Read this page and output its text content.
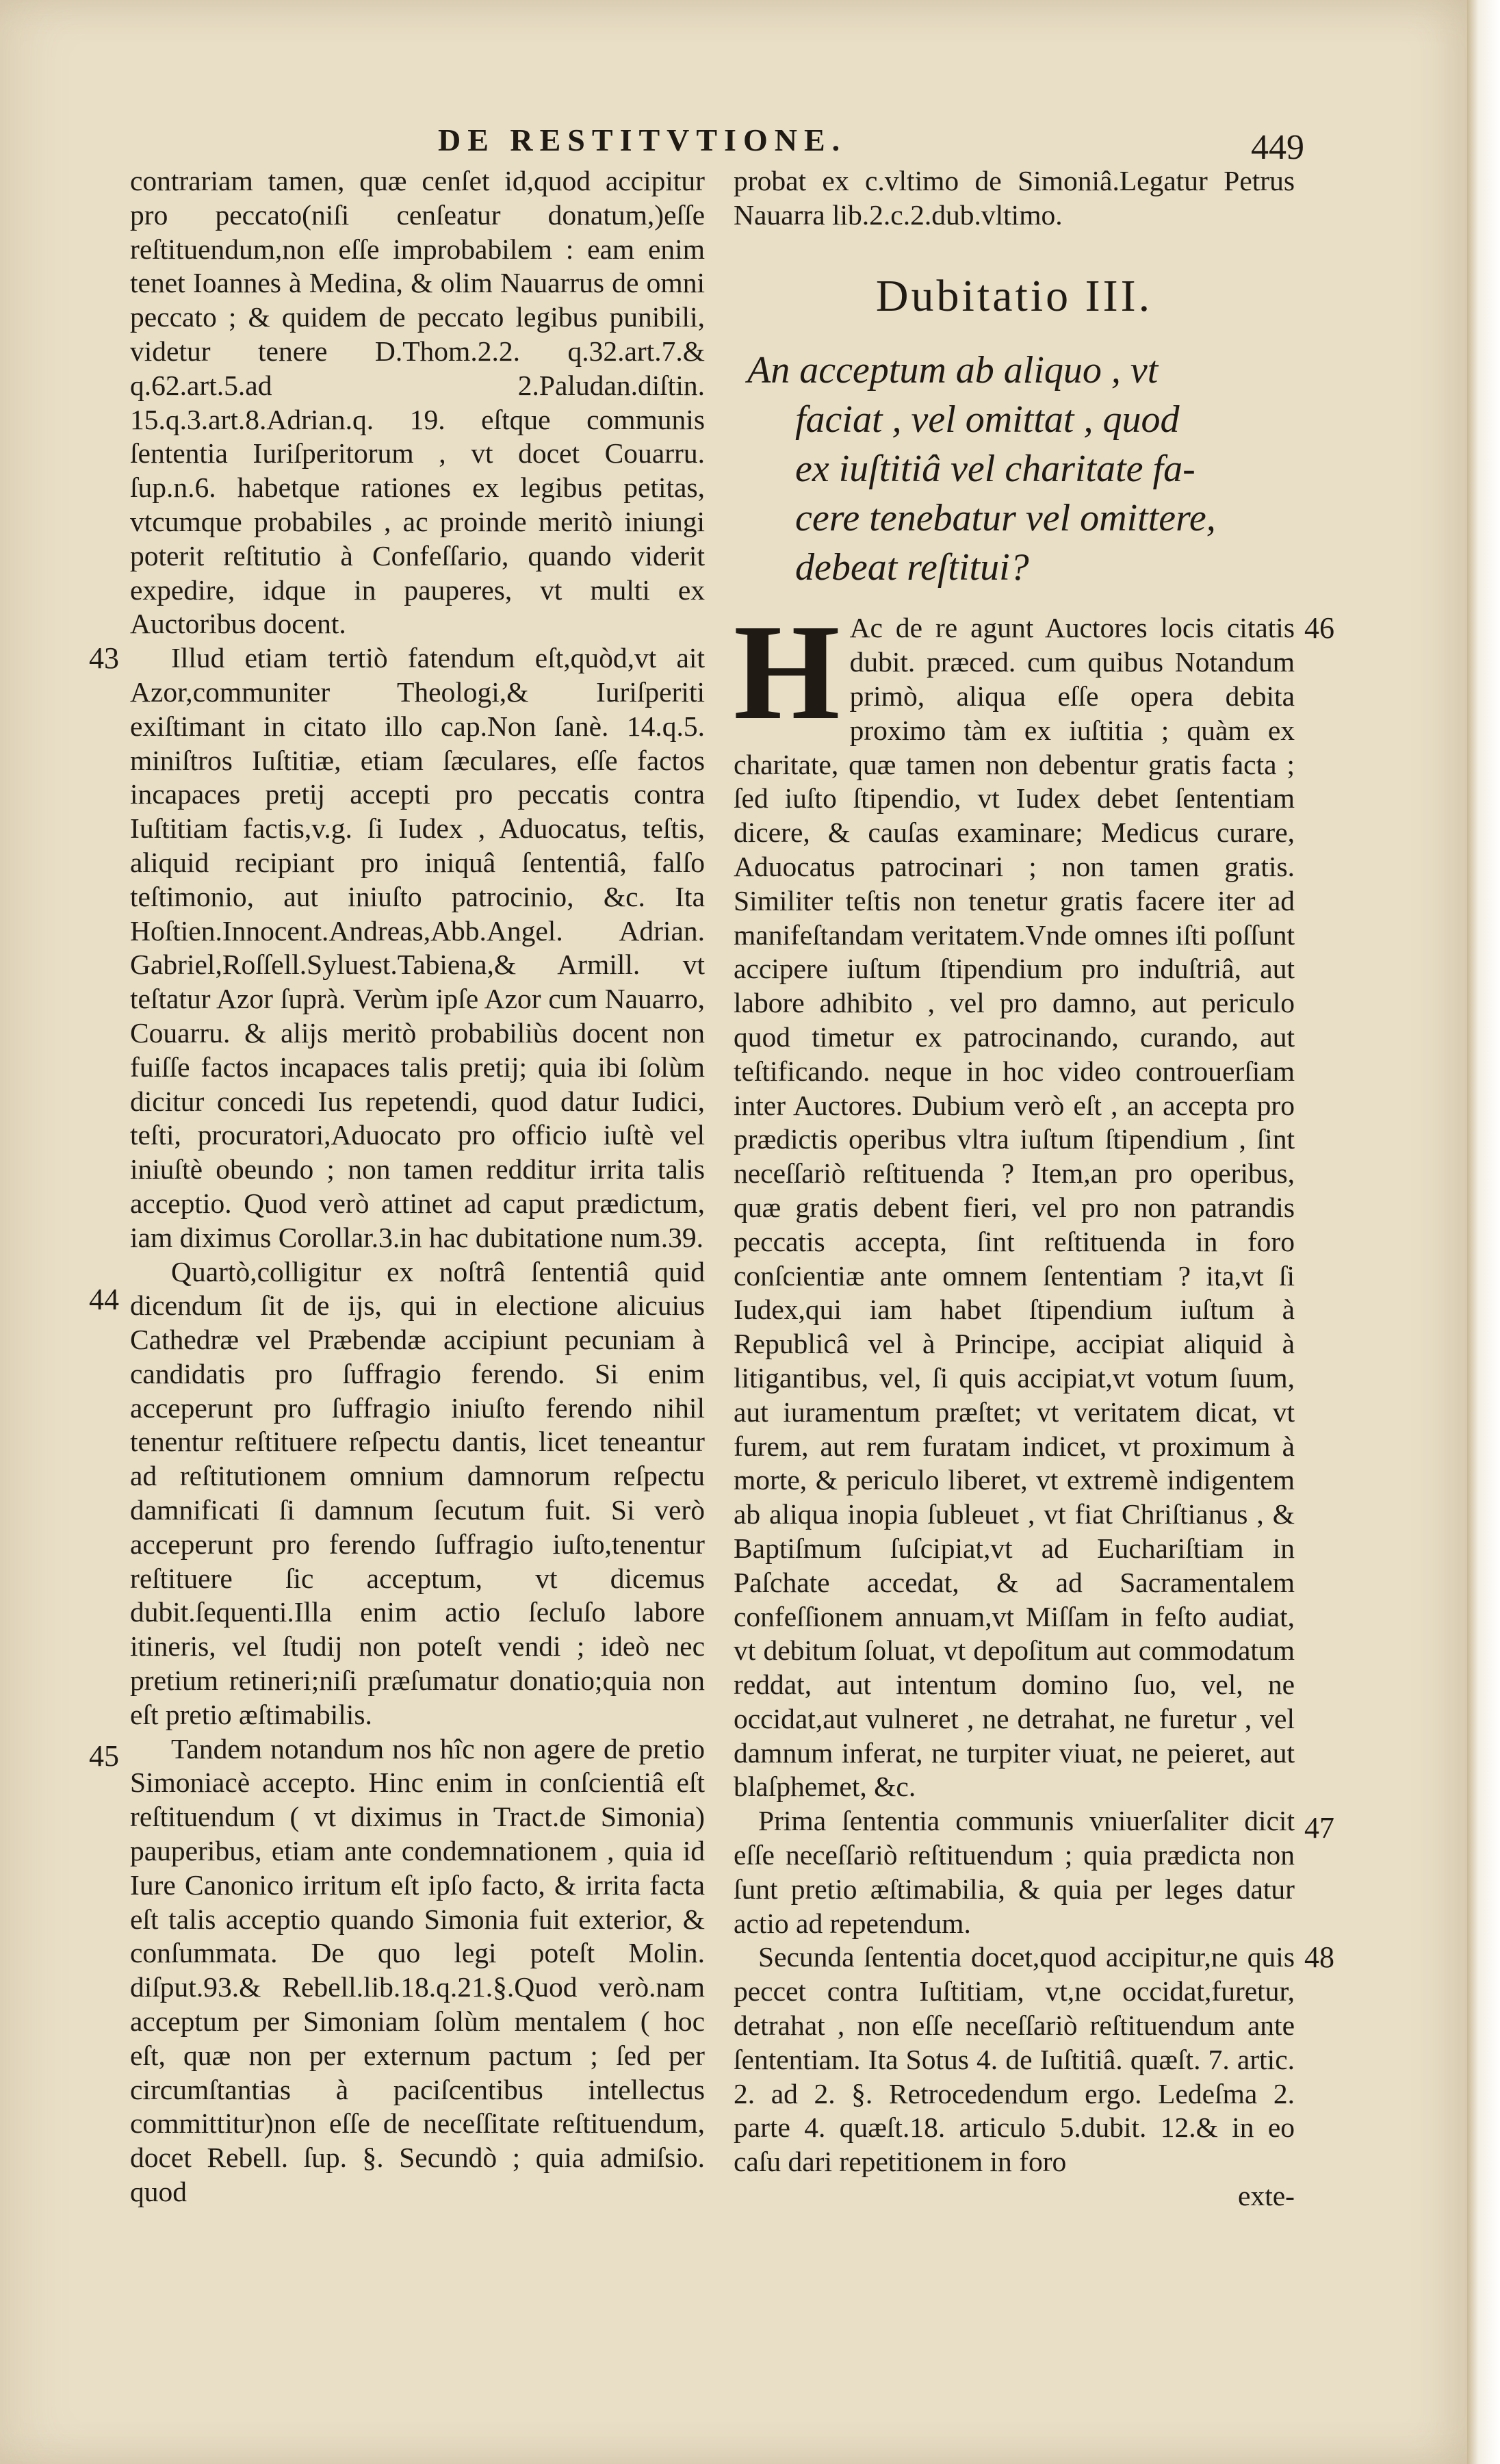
DE RESTITVTIONE.	449

contrariam tamen, quæ cenſet id,quod accipitur pro peccato(niſi cenſeatur donatum,)eſſe reſtituendum,non eſſe improbabilem : eam enim tenet Ioannes à Medina, & olim Nauarrus de omni peccato ; & quidem de peccato legibus punibili, videtur tenere D.Thom.2.2. q.32.art.7.& q.62.art.5.ad 2.Paludan.diſtin. 15.q.3.art.8.Adrian.q. 19. eſtque communis ſententia Iuriſperitorum , vt docet Couarru. ſup.n.6. habetque rationes ex legibus petitas, vtcumque probabiles , ac proinde meritò iniungi poterit reſtitutio à Confeſſario, quando viderit expedire, idque in pauperes, vt multi ex Auctoribus docent.

43	Illud etiam tertiò fatendum eſt,quòd,vt ait Azor,communiter Theologi,& Iuriſperiti exiſtimant in citato illo cap.Non ſanè. 14.q.5. miniſtros Iuſtitiæ, etiam ſæculares, eſſe factos incapaces pretij accepti pro peccatis contra Iuſtitiam factis,v.g. ſi Iudex , Aduocatus, teſtis, aliquid recipiant pro iniquâ ſententiâ, falſo teſtimonio, aut iniuſto patrocinio, &c. Ita Hoſtien.Innocent.Andreas,Abb.Angel. Adrian. Gabriel,Roſſell.Syluest.Tabiena,& Armill. vt teſtatur Azor ſuprà. Verùm ipſe Azor cum Nauarro, Couarru. & alijs meritò probabiliùs docent non fuiſſe factos incapaces talis pretij; quia ibi ſolùm dicitur concedi Ius repetendi, quod datur Iudici, teſti, procuratori,Aduocato pro officio iuſtè vel iniuſtè obeundo ; non tamen redditur irrita talis acceptio. Quod verò attinet ad caput prædictum, iam diximus Corollar.3.in hac dubitatione num.39.

44

Quartò,colligitur ex noſtrâ ſententiâ quid dicendum ſit de ijs, qui in electione alicuius Cathedræ vel Præbendæ accipiunt pecuniam à candidatis pro ſuffragio ferendo. Si enim acceperunt pro ſuffragio iniuſto ferendo nihil tenentur reſtituere reſpectu dantis, licet teneantur ad reſtitutionem omnium damnorum reſpectu damnificati ſi damnum ſecutum fuit. Si verò acceperunt pro ferendo ſuffragio iuſto,tenentur reſtituere ſic acceptum, vt dicemus dubit.ſequenti.Illa enim actio ſecluſo labore itineris, vel ſtudij non poteſt vendi ; ideò nec pretium retineri;niſi præſumatur donatio;quia non eſt pretio æſtimabilis.

45	Tandem notandum nos hîc non agere de pretio Simoniacè accepto. Hinc enim in conſcientiâ eſt reſtituendum ( vt diximus in Tract.de Simonia) pauperibus, etiam ante condemnationem , quia id Iure Canonico irritum eſt ipſo facto, & irrita facta eſt talis acceptio quando Simonia fuit exterior, & conſummata. De quo legi poteſt Molin. diſput.93.& Rebell.lib.18.q.21.§.Quod verò.nam acceptum per Simoniam ſolùm mentalem ( hoc eſt, quæ non per externum pactum ; ſed per circumſtantias à paciſcentibus intellectus committitur)non eſſe de neceſſitate reſtituendum, docet Rebell. ſup. §. Secundò ; quia admiſsio. quod

probat ex c.vltimo de Simoniâ.Legatur Petrus Nauarra lib.2.c.2.dub.vltimo.

Dubitatio III.
An acceptum ab aliquo , vt
faciat , vel omittat , quod
ex iuſtitiâ vel charitate fa-
cere tenebatur vel omittere,
debeat reſtitui?
46
H Ac de re agunt Auctores locis citatis dubit. præced. cum quibus Notandum primò, aliqua eſſe opera debita proximo tàm ex iuſtitia ; quàm ex charitate, quæ tamen non debentur gratis facta ; ſed iuſto ſtipendio, vt Iudex debet ſententiam dicere, & cauſas examinare; Medicus curare, Aduocatus patrocinari ; non tamen gratis. Similiter teſtis non tenetur gratis facere iter ad manifeſtandam veritatem.Vnde omnes iſti poſſunt accipere iuſtum ſtipendium pro induſtriâ, aut labore adhibito , vel pro damno, aut periculo quod timetur ex patrocinando, curando, aut teſtificando. neque in hoc video controuerſiam inter Auctores. Dubium verò eſt , an accepta pro prædictis operibus vltra iuſtum ſtipendium , ſint neceſſariò reſtituenda ? Item,an pro operibus, quæ gratis debent fieri, vel pro non patrandis peccatis accepta, ſint reſtituenda in foro conſcientiæ ante omnem ſententiam ? ita,vt ſi Iudex,qui iam habet ſtipendium iuſtum à Republicâ vel à Principe, accipiat aliquid à litigantibus, vel, ſi quis accipiat,vt votum ſuum, aut iuramentum præſtet; vt veritatem dicat, vt furem, aut rem furatam indicet, vt proximum à morte, & periculo liberet, vt extremè indigentem ab aliqua inopia ſubleuet , vt fiat Chriſtianus , & Baptiſmum ſuſcipiat,vt ad Euchariſtiam in Paſchate accedat, & ad Sacramentalem confeſſionem annuam,vt Miſſam in feſto audiat, vt debitum ſoluat, vt depoſitum aut commodatum reddat, aut intentum domino ſuo, vel, ne occidat,aut vulneret , ne detrahat, ne furetur , vel damnum inferat, ne turpiter viuat, ne peieret, aut blaſphemet, &c.

47

Prima ſententia communis vniuerſaliter dicit eſſe neceſſariò reſtituendum ; quia prædicta non ſunt pretio æſtimabilia, & quia per leges datur actio ad repetendum.

48

Secunda ſententia docet,quod accipitur,ne quis peccet contra Iuſtitiam, vt,ne occidat,furetur, detrahat , non eſſe neceſſariò reſtituendum ante ſententiam. Ita Sotus 4. de Iuſtitiâ. quæſt. 7. artic. 2. ad 2. §. Retrocedendum ergo. Ledeſma 2. parte 4. quæſt.18. articulo 5.dubit. 12.& in eo caſu dari repetitionem in foro

exte-
